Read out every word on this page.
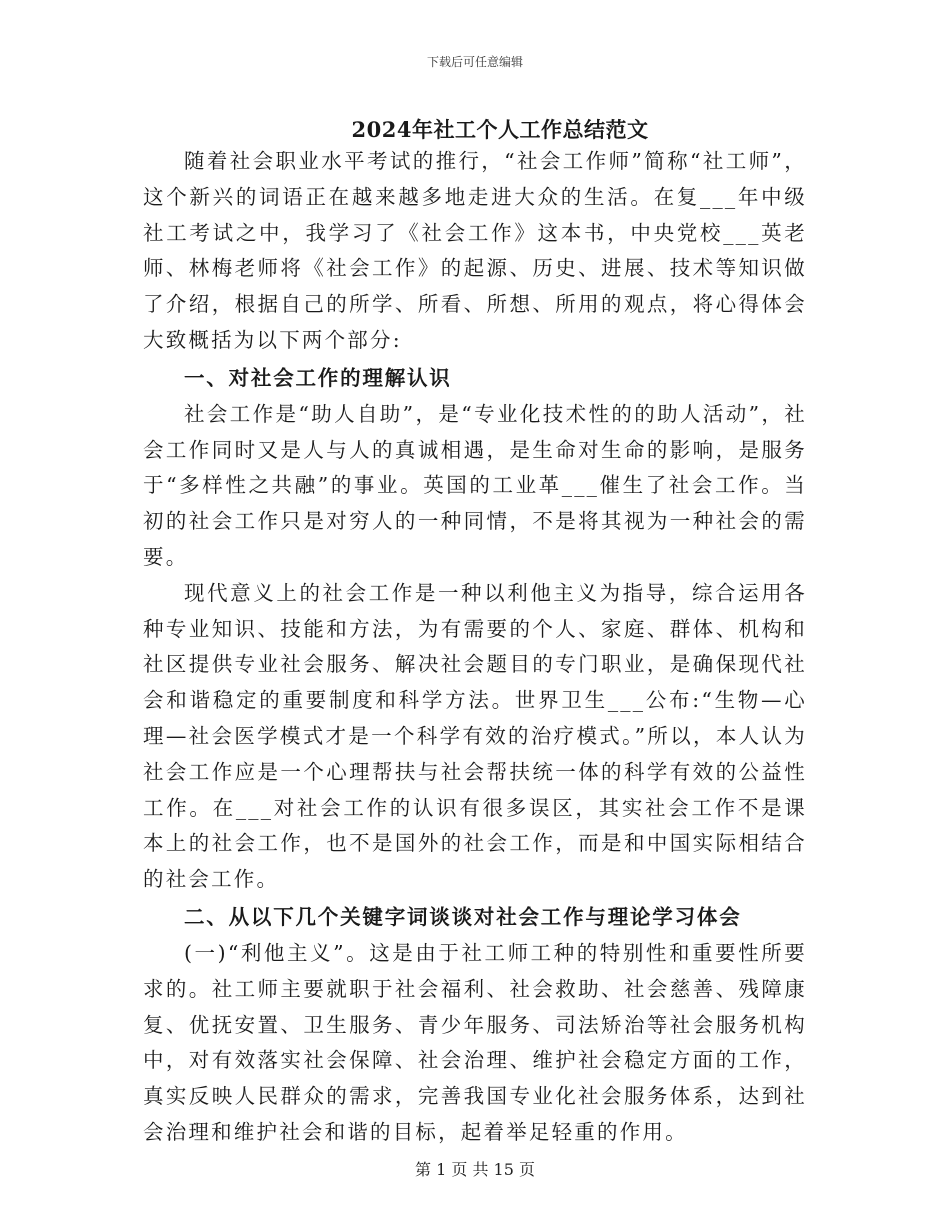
下载后可任意编辑
2024年社工个人工作总结范文

随着社会职业水平考试的推行，“社会工作师”简称“社工师”，这个新兴的词语正在越来越多地走进大众的生活。在复___年中级社工考试之中，我学习了《社会工作》这本书，中央党校___英老师、林梅老师将《社会工作》的起源、历史、进展、技术等知识做了介绍，根据自己的所学、所看、所想、所用的观点，将心得体会大致概括为以下两个部分:

一、对社会工作的理解认识

社会工作是“助人自助”，是“专业化技术性的的助人活动”，社会工作同时又是人与人的真诚相遇，是生命对生命的影响，是服务于“多样性之共融”的事业。英国的工业革___催生了社会工作。当初的社会工作只是对穷人的一种同情，不是将其视为一种社会的需要。

现代意义上的社会工作是一种以利他主义为指导，综合运用各种专业知识、技能和方法，为有需要的个人、家庭、群体、机构和社区提供专业社会服务、解决社会题目的专门职业，是确保现代社会和谐稳定的重要制度和科学方法。世界卫生___公布:“生物—心理—社会医学模式才是一个科学有效的治疗模式。”所以，本人认为社会工作应是一个心理帮扶与社会帮扶统一体的科学有效的公益性工作。在___对社会工作的认识有很多误区，其实社会工作不是课本上的社会工作，也不是国外的社会工作，而是和中国实际相结合的社会工作。

二、从以下几个关键字词谈谈对社会工作与理论学习体会

(一)“利他主义”。这是由于社工师工种的特别性和重要性所要求的。社工师主要就职于社会福利、社会救助、社会慈善、残障康复、优抚安置、卫生服务、青少年服务、司法矫治等社会服务机构中，对有效落实社会保障、社会治理、维护社会稳定方面的工作，真实反映人民群众的需求，完善我国专业化社会服务体系，达到社会治理和维护社会和谐的目标，起着举足轻重的作用。

第 1 页 共 15 页
